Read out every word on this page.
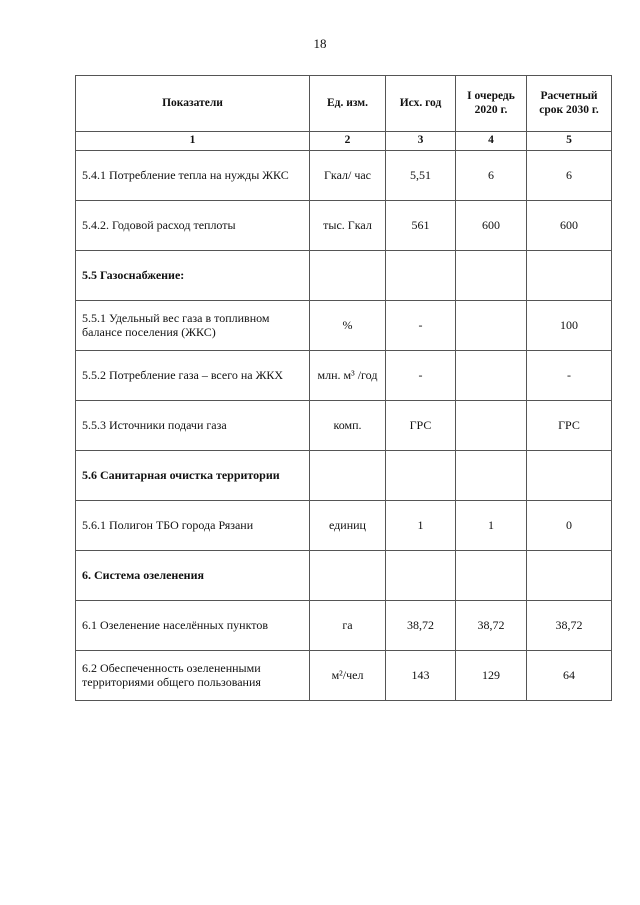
18
Показатели	Ед. изм.	Исх. год	I очередь 2020 г.	Расчетный срок 2030 г.
1	2	3	4	5
5.4.1 Потребление тепла на нужды ЖКС	Гкал/ час	5,51	6	6
5.4.2. Годовой расход теплоты	тыс. Гкал	561	600	600
5.5 Газоснабжение:				
5.5.1 Удельный вес газа в топливном балансе поселения (ЖКС)	%	-		100
5.5.2 Потребление газа – всего на ЖКХ	млн. м³ /год	-		-
5.5.3 Источники подачи газа	комп.	ГРС		ГРС
5.6 Санитарная очистка территории				
5.6.1 Полигон ТБО города Рязани	единиц	1	1	0
6. Система озеленения				
6.1 Озеленение населённых пунктов	га	38,72	38,72	38,72
6.2 Обеспеченность озелененными территориями общего пользования	м²/чел	143	129	64
